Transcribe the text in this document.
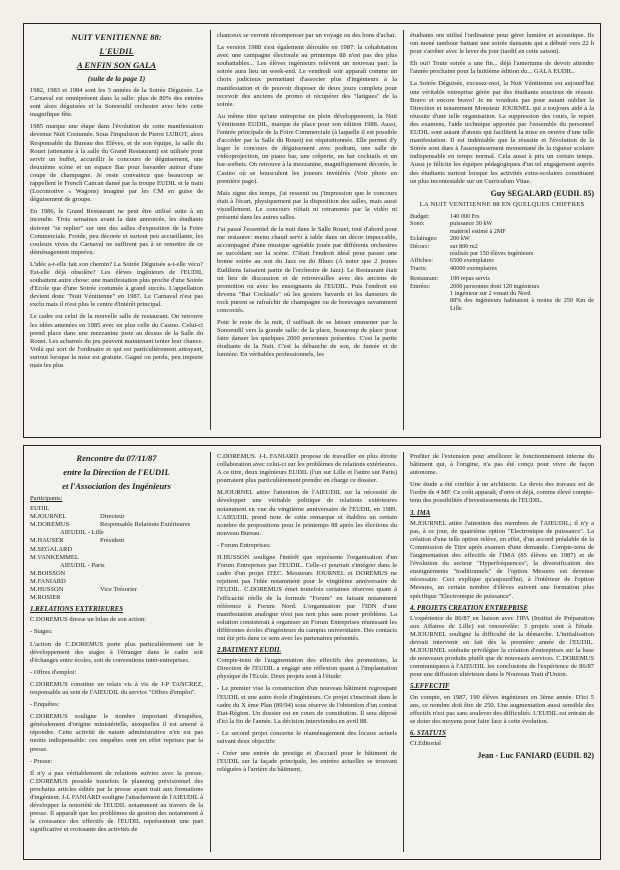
NUIT VENITIENNE 88:

L'EUDIL

A ENFIN SON GALA

(suite de la page 1)

1982, 1983 et 1984 sont les 3 années de la Soirée Déguisée. Le Carnaval est omniprésent dans la salle: plus de 80% des entrées sont alors déguisées et la Sonoeudil orchestre avec brio cette magnifique fête.

1985 marque une étape dans l'évolution de cette manifestation devenue Nuit Costumée. Sous l'impulsion de Pierre LUROT, alors Responsable du Bureau des Elèves, et de son équipe, la salle du Rouet (attenante à la salle du Grand Restaurant) est utilisée pour servir un buffet, accueillir le concours de déguisement, une deuxième scène et un espace Bar pour bavarder autour d'une coupe de champagne. Je reste convaincu que beaucoup se rappellent le French Cancan dansé par la troupe EUDIL et le train (Locomotive « Wagons) imaginé par les CM en guise de déguisement de groupe.

En 1986, le Grand Restaurant ne peut être utilisé suite à un incendie. Trois semaines avant la date annoncée, les étudiants doivent "se replier" sur une des salles d'exposition de la Foire Commerciale. Froide, peu décorée et surtout peu accueillante, les couleurs vives du Carnaval ne suffirent pas à se remettre de ce déménagement imprévu.

L'idée a-t-elle fait son chemin? La Soirée Déguisée a-t-elle vécu? Est-elle déjà obsolète? Les élèves ingénieurs de l'EUDIL souhaitent autre chose: une manifestation plus proche d'une Soirée d'Ecole que d'une Soirée costumée à grand succès. L'appellation devient donc "Nuit Vénitienne" en 1987. Le Carnaval n'est pas exclu mais il n'est plus le centre d'intérêt principal.

Le cadre est celui de la nouvelle salle de restaurant. On retrouve les idées amenées en 1985 avec en plus celle du Casino. Celui-ci prend place dans une mezzanine juste au dessus de la Salle du Rouet. Les acharnés du jeu peuvent maintenant tenter leur chance. Voilà qui sort de l'ordinaire et qui est particulièrement attrayant, surtout lorsque la mise est gratuite. Gagné ou perdu, peu importe mais les plus

chanceux se verront récompenser par un voyage ou des bons d'achat.

La version 1988 s'est également déroulée en 1987: la cohabitation avec une campagne électorale au printemps 88 n'est pas des plus souhaitables... Les élèves ingénieurs relèvent un nouveau pari: la soirée aura lieu un week-end. Le vendredi soir apparaît comme un choix judicieux permettant d'associer plus d'ingénieurs à la manifestation et de pouvoir disposer de deux jours complets pour recevoir des anciens de promo et récupérer des "fatigues" de la soirée.

Au même titre qu'une entreprise en plein développement, la Nuit Vénitienne EUDIL, marque de place pour son édition 1988. Aussi, l'entrée principale de la Foire Commerciale (à laquelle il est possible d'accéder par la Salle du Rouet) est réquisitionnée. Elle permet d'y loger le concours de déguisement avec podium, une salle de vidéoprojection, un piano bar, une crêperie, un bar cocktails et un bar-sorbets. On retrouve à la mezzanine, magnifiquement décorée, le Casino où se bousculent les joueurs invétérés (Voir photo en première page).

Mais signe des temps, j'ai ressenti ou j'impression que le concours était à l'écart, physiquement par la disposition des salles, mais aussi visuellement. Le concours n'était ni retransmis par la vidéo ni présenté dans les autres salles.

J'ai passé l'essentiel de la nuit dans le Salle Rouet, tout d'abord pour me restaurer: menu chaud servi à table dans un décor impeccable, accompagné d'une musique agréable jouée par différents orchestres se succédant sur la scène. C'était l'endroit idéal pour passer une bonne soirée au son du Jazz ou du Blues (A noter que 2 jeunes Eudiliens faisaient partie de l'orchestre de Jazz). Le Restaurant était un lieu de discussion et de retrouvailles avec des anciens de promotion ou avec les enseignants de l'EUDIL. Puis l'endroit est devenu "Bar Cocktails" où les gosiers bavards et les danseurs de rock purent se rafraîchir de champagne ou de breuvages savamment concoctés.

Pour le reste de la nuit, il suffisait de se laisser emmener par la Sonoeudil vers la grande salle: de la place, beaucoup de place pour faire danser les quelques 2000 personnes présentes. C'est la partie étudiante de la Nuit. C'est la débauche de son, de fumée et de lumière. En véritables professionnels, les

étudiants ont utilisé l'ordinateur pour gérer lumière et acoustique. Ils ont mené tambour battant une soirée dansante qui a débuté vers 22 h pour s'arrêter avec le lever du jour (tardif en cette saison).

Eh oui! Toute soirée a une fin... déjà l'amertume de devoir attendre l'année prochaine pour la huitième édition du... GALA EUDIL.

La Soirée Déguisée, excusez-moi, la Nuit Vénitienne est aujourd'hui une véritable entreprise gérée par des étudiants soucieux de réussir. Bravo et encore bravo! Je ne voudrais pas pour autant oublier la Direction et notamment Monsieur JOURNEL qui a toujours aidé à la réussite d'une telle organisation. La suppression des cours, le report des examens, l'aide technique apportée par l'ensemble du personnel EUDIL sont autant d'atouts qui facilitent la mise en oeuvre d'une telle manifestation. Il est indéniable que la réussite et l'évolution de la Soirée sont dues à l'assoupissement momentané de la rigueur scolaire indispensable en temps normal. Cela aussi à pris un certain temps. Aussi je félicite les équipes pédagogiques d'un tel engagement auprès des étudiants surtout lorsque les activités extra-scolaires constituent un plus incontestable sur un Curriculum Vitae.

Guy SEGALARD (EUDIL 85)
LA NUIT VENITIENNE 88 EN QUELQUES CHIFFRES
Budget:	140 000 Frs
Sono:	puissance 30 kW
	matériel estimé à 2MF
Eclairages:	200 kW
Décors:	sur 800 m2
	réalisés par 150 élèves ingénieurs
Affiches:	6500 exemplaires
Tracts:	40000 exemplaires
Restaurant:	100 repas servis
Entrées:	2000 personnes dont 120 ingénieurs
	1 ingénieur sur 2 venait du Nord
	88% des ingénieurs habitaient à moins de 250 Km de Lille

Rencontre du 07/11/87

entre la Direction de l'EUDIL

et l'Association des Ingénieurs

Participants:
EUDIL
M.JOURNEL	Directeur
M.DOREMUS	Responsable Relations Extérieures
AIEUDIL - Lille
M.HAUSER	Président
M.SEGALARD
M.VANKEMMEL
AIEUDIL - Paris
M.BOISSON
M.FANIARD
M.HUSSON	Vice Trésorier
M.ROSIER
1.RELATIONS EXTERIEURES

C.DOREMUS dresse un bilan de son action:

- Stages:

L'action de C.DOREMUS porte plus particulièrement sur le développement des stages à l'étranger dans le cadre soit d'échanges entre écoles, soit de conventions inter-entreprises.

- Offres d'emploi:

C.DOREMUS constitue un relais vis à vis de J-P TANCREZ, responsable au sein de l'AIEUDIL du service "Offres d'emploi".

- Enquêtes:

C.DOREMUS souligne le nombre important d'enquêtes, généralement d'origine ministérielle, auxquelles il est amené à répondre. Cette activité de nature administrative n'en est pas moins indispensable: ces enquêtes sont en effet reprises par la presse.

- Presse:

Il n'y a pas véritablement de relations suivies avec la presse. C.DOREMUS possède toutefois le planning prévisionnel des prochains articles édités par la presse ayant trait aux formations d'ingénieur. J-L FANIARD souligne l'attachement de l'AIEUDIL à développer la notoriété de l'EUDIL notamment au travers de la presse. Il apparaît que les problèmes de gestion des notamment à la croissance des effectifs de l'EUDIL représentent une part significative et croissante des activités de

C.DOREMUS. J-L FANIARD propose de travailler en plus étroite collaboration avec celui-ci sur les problèmes de relations extérieures. A ce titre, deux ingénieurs EUDIL (l'un sur Lille et l'autre sur Paris) pourraient plus particulièrement prendre en charge ce dossier.

M.JOURNEL attire l'attention de l'AIEUDIL sur la nécessité de développer une véritable politique de relations extérieures notamment en vue du vingtième anniversaire de l'EUDIL en 1989. L'AIEUDIL prend note de cette remarque et établira un certain nombre de propositions pour le printemps 88 après les élections du nouveau Bureau.

- Forum Entreprises:

H.HUSSON souligne l'intérêt que représente l'organisation d'un Forum Entreprises par l'EUDIL. Celle-ci pourrait s'intégrer dans le cadre d'un projet ITEC. Messieurs JOURNEL et DOREMUS ne rejettent pas l'idée notamment pour le vingtième anniversaire de l'EUDIL. C.DOREMUS émet toutefois certaines réserves quant à l'efficacité réelle de la formule "Forum" en faisant notamment référence à Forum Nord. L'organisation par l'IDN d'une manifestation analogue n'est pas non plus sans poser problème. La solution consisterait à organiser un Forum Entreprises réunissant les différentes écoles d'ingénieurs du campus universitaire. Des contacts ont été pris dans ce sens avec les partenaires présentés.

2.BATIMENT EUDIL

Compte-tenu de l'augmentation des effectifs des promotions, la Direction de l'EUDIL a engagé une réflexion quant à l'implantation physique de l'Ecole. Deux projets sont à l'étude:

- Le premier vise la construction d'un nouveau bâtiment regroupant l'EUDIL et une autre école d'ingénieurs. Ce projet s'inscrirait dans le cadre du X ème Plan (89/94) sous réserve de l'obtention d'un contrat Etat-Région. Un dossier est en cours de constitution. Il sera déposé d'ici la fin de l'année. La décision interviendra en avril 88.

- Le second projet concerne le réaménagement des locaux actuels suivant deux objectifs:

- Créer une entrée de prestige et d'accueil pour le bâtiment de l'EUDIL sur la façade principale, les entrées actuelles se trouvant reléguées à l'arrière du bâtiment,

Profiter de l'extension pour améliorer le fonctionnement interne du bâtiment qui, à l'origine, n'a pas été conçu pour vivre de façon autonome.

Une étude a été confiée à un architecte. Le devis des travaux est de l'ordre de 4 MF. Ce coût apparaît, d'ores et déjà, comme élevé compte-tenu des possibilités d'investissements de l'EUDIL.

3. IMA

M.JOURNEL attire l'attention des membres de l'AIEUDIL; il n'y a pas, à ce jour, de quatrième option "Electronique de puissance". La création d'une telle option relève, en effet, d'un accord préalable de la Commission de Titre après examen d'une demande. Compte-tenu de l'augmentation des effectifs de l'IMA (85 élèves en 1987) et de l'évolution du secteur "Hyperfréquences", la diversification des enseignements "traditionnels" de l'option Mesures est devenue nécessaire. Ceci explique qu'aujourd'hui, à l'intérieur de l'option Mesures, un certain nombre d'élèves suivent une formation plus spécifique "Electronique de puissance".

4. PROJETS CREATION ENTREPRISE

L'expérience de 86/87 en liaison avec l'IPA (Institut de Préparation aux Affaires de Lille) est renouvelée: 3 projets sont à l'étude. M.JOURNEL souligne la difficulté de la démarche. L'initialisation devrait intervenir en fait dès la première année de l'EUDIL. M.JOURNEL souhaite privilégier la création d'entreprises sur la base de nouveaux produits plutôt que de nouveaux services. C.DOREMUS communiquera à l'AIEUDIL les conclusions de l'expérience de 86/87 pour une diffusion ultérieure dans le Nouveau Trait d'Union.

5.EFFECTIF

On compte, en 1987, 190 élèves ingénieurs en 3ème année. D'ici 5 ans, ce nombre doit être de 250. Une augmentation aussi sensible des effectifs n'est pas sans soulever des difficultés. L'EUDIL est entrain de se doter des moyens pour faire face à cette évolution.

6. STATUTS

Cf.Editorial

Jean - Luc FANIARD (EUDIL 82)
